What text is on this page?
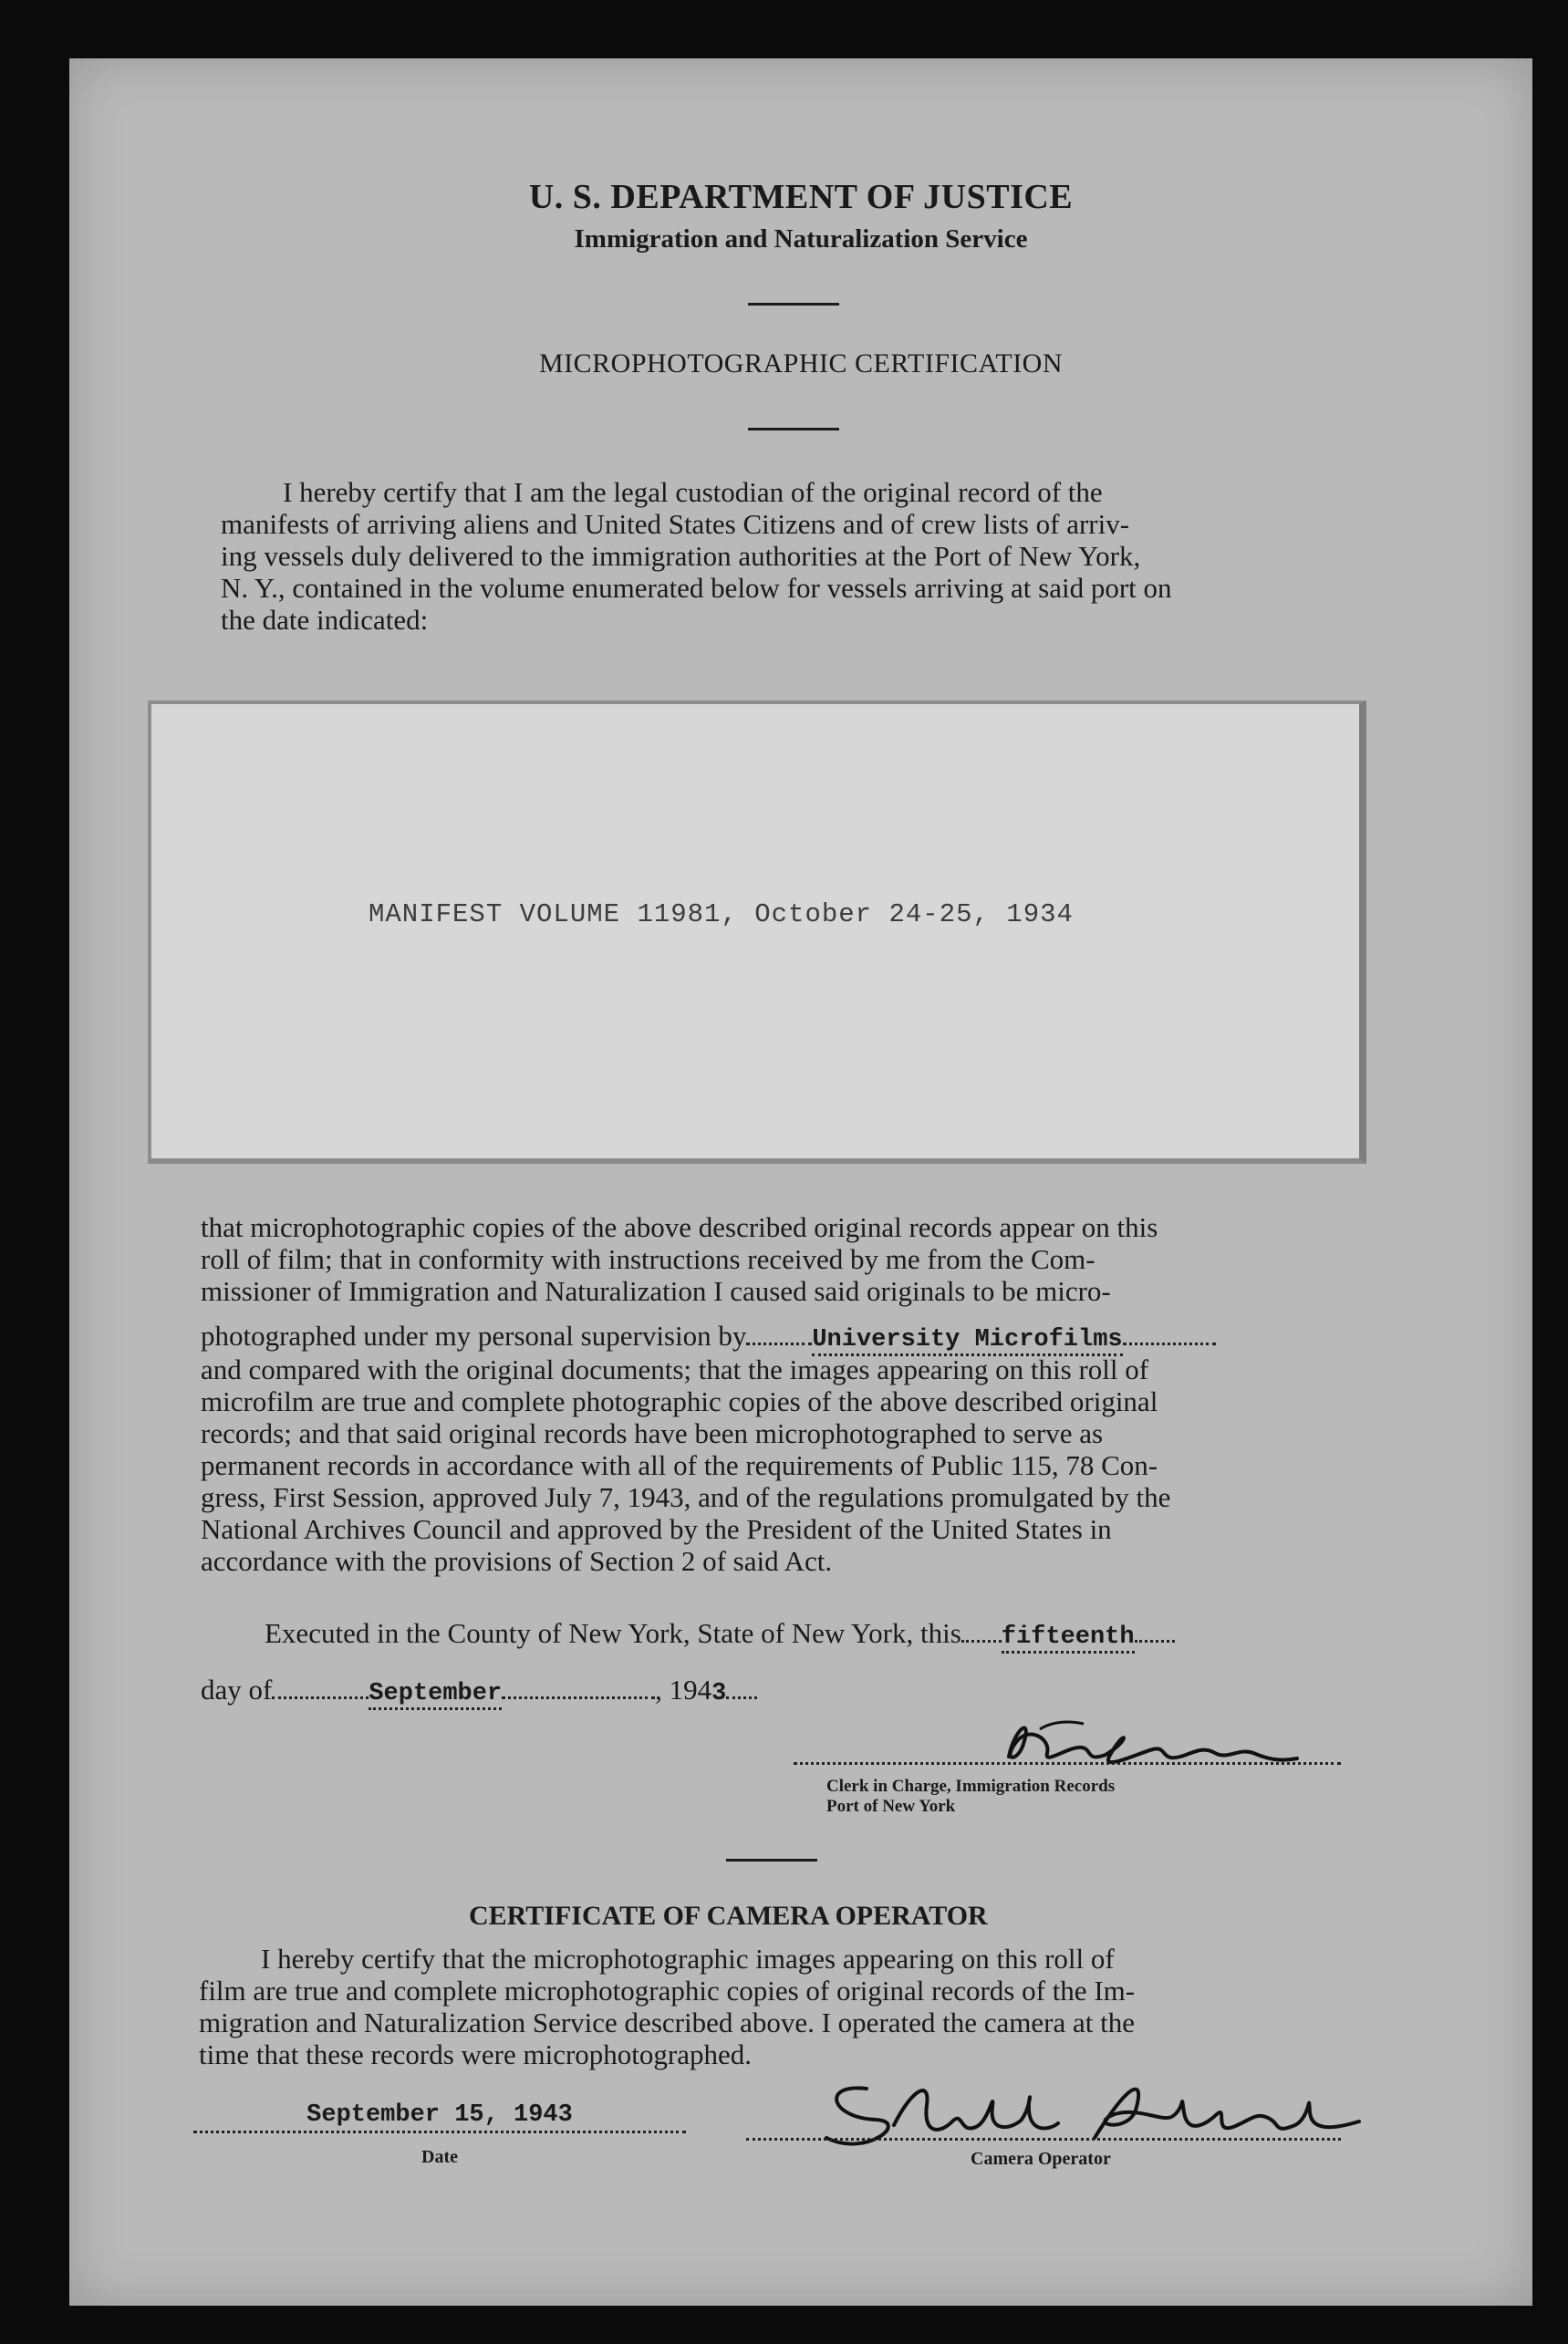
U. S. DEPARTMENT OF JUSTICE
Immigration and Naturalization Service
MICROPHOTOGRAPHIC CERTIFICATION

I hereby certify that I am the legal custodian of the original record of the

manifests of arriving aliens and United States Citizens and of crew lists of arriv-

ing vessels duly delivered to the immigration authorities at the Port of New York,

N. Y., contained in the volume enumerated below for vessels arriving at said port on

the date indicated:

MANIFEST VOLUME 11981, October 24-25, 1934

that microphotographic copies of the above described original records appear on this

roll of film; that in conformity with instructions received by me from the Com-

missioner of Immigration and Naturalization I caused said originals to be micro-

photographed under my personal supervision by	University Microfilms

and compared with the original documents; that the images appearing on this roll of

microfilm are true and complete photographic copies of the above described original

records; and that said original records have been microphotographed to serve as

permanent records in accordance with all of the requirements of Public 115, 78 Con-

gress, First Session, approved July 7, 1943, and of the regulations promulgated by the

National Archives Council and approved by the President of the United States in

accordance with the provisions of Section 2 of said Act.

Executed in the County of New York, State of New York, this fifteenth
day of	September	, 1943
Clerk in Charge, Immigration Records
Port of New York
CERTIFICATE OF CAMERA OPERATOR

I hereby certify that the microphotographic images appearing on this roll of

film are true and complete microphotographic copies of original records of the Im-

migration and Naturalization Service described above. I operated the camera at the

time that these records were microphotographed.

September 15, 1943
Date	Camera Operator
